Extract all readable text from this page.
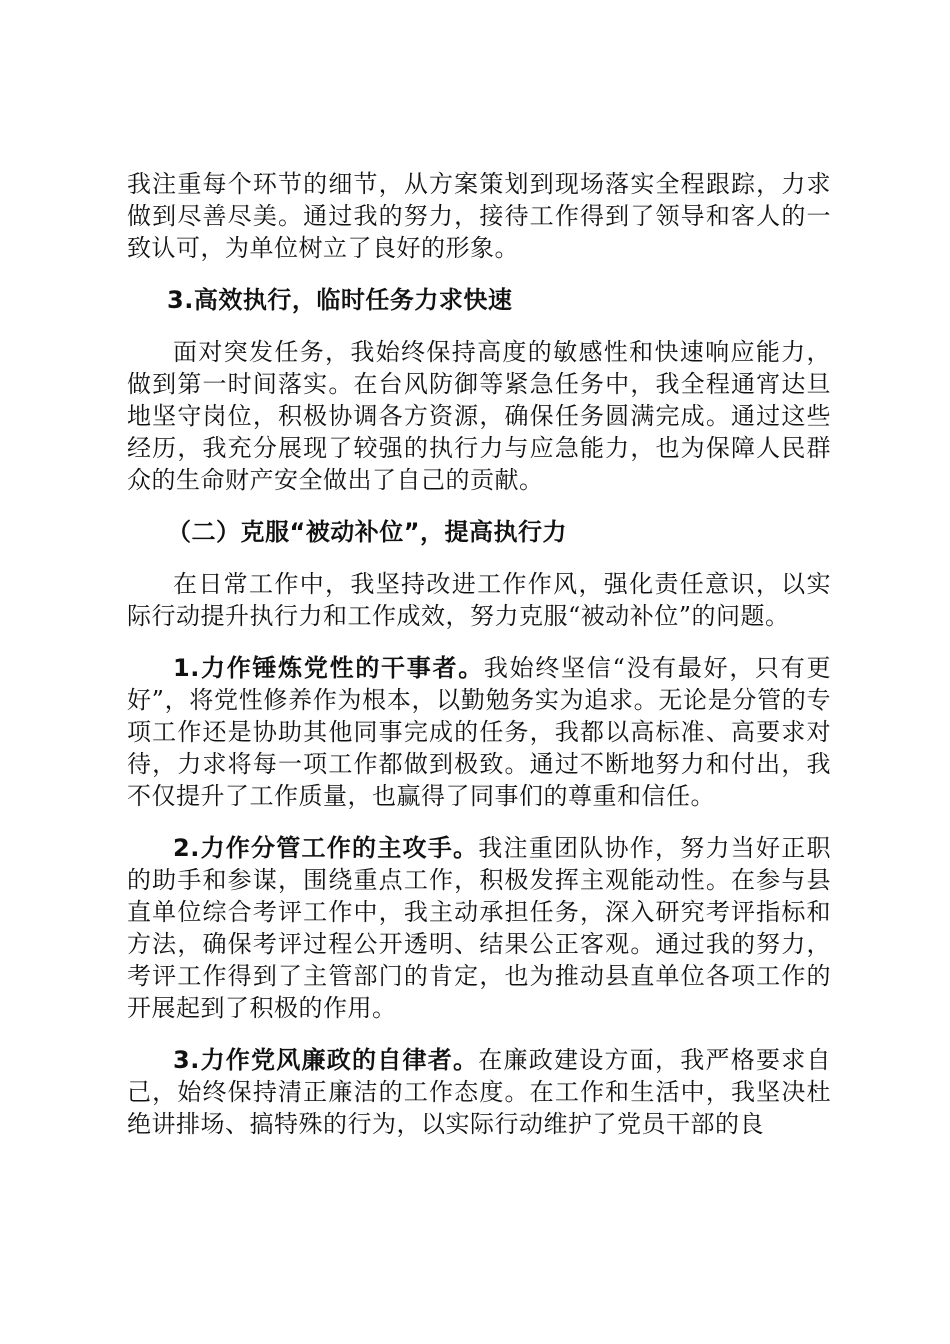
我注重每个环节的细节，从方案策划到现场落实全程跟踪，力求做到尽善尽美。通过我的努力，接待工作得到了领导和客人的一致认可，为单位树立了良好的形象。

3.高效执行，临时任务力求快速

面对突发任务，我始终保持高度的敏感性和快速响应能力，做到第一时间落实。在台风防御等紧急任务中，我全程通宵达旦地坚守岗位，积极协调各方资源，确保任务圆满完成。通过这些经历，我充分展现了较强的执行力与应急能力，也为保障人民群众的生命财产安全做出了自己的贡献。

（二）克服“被动补位”，提高执行力

在日常工作中，我坚持改进工作作风，强化责任意识，以实际行动提升执行力和工作成效，努力克服“被动补位”的问题。

1.力作锤炼党性的干事者。我始终坚信“没有最好，只有更好”，将党性修养作为根本，以勤勉务实为追求。无论是分管的专项工作还是协助其他同事完成的任务，我都以高标准、高要求对待，力求将每一项工作都做到极致。通过不断地努力和付出，我不仅提升了工作质量，也赢得了同事们的尊重和信任。

2.力作分管工作的主攻手。我注重团队协作，努力当好正职的助手和参谋，围绕重点工作，积极发挥主观能动性。在参与县直单位综合考评工作中，我主动承担任务，深入研究考评指标和方法，确保考评过程公开透明、结果公正客观。通过我的努力，考评工作得到了主管部门的肯定，也为推动县直单位各项工作的开展起到了积极的作用。

3.力作党风廉政的自律者。在廉政建设方面，我严格要求自己，始终保持清正廉洁的工作态度。在工作和生活中，我坚决杜绝讲排场、搞特殊的行为，以实际行动维护了党员干部的良
